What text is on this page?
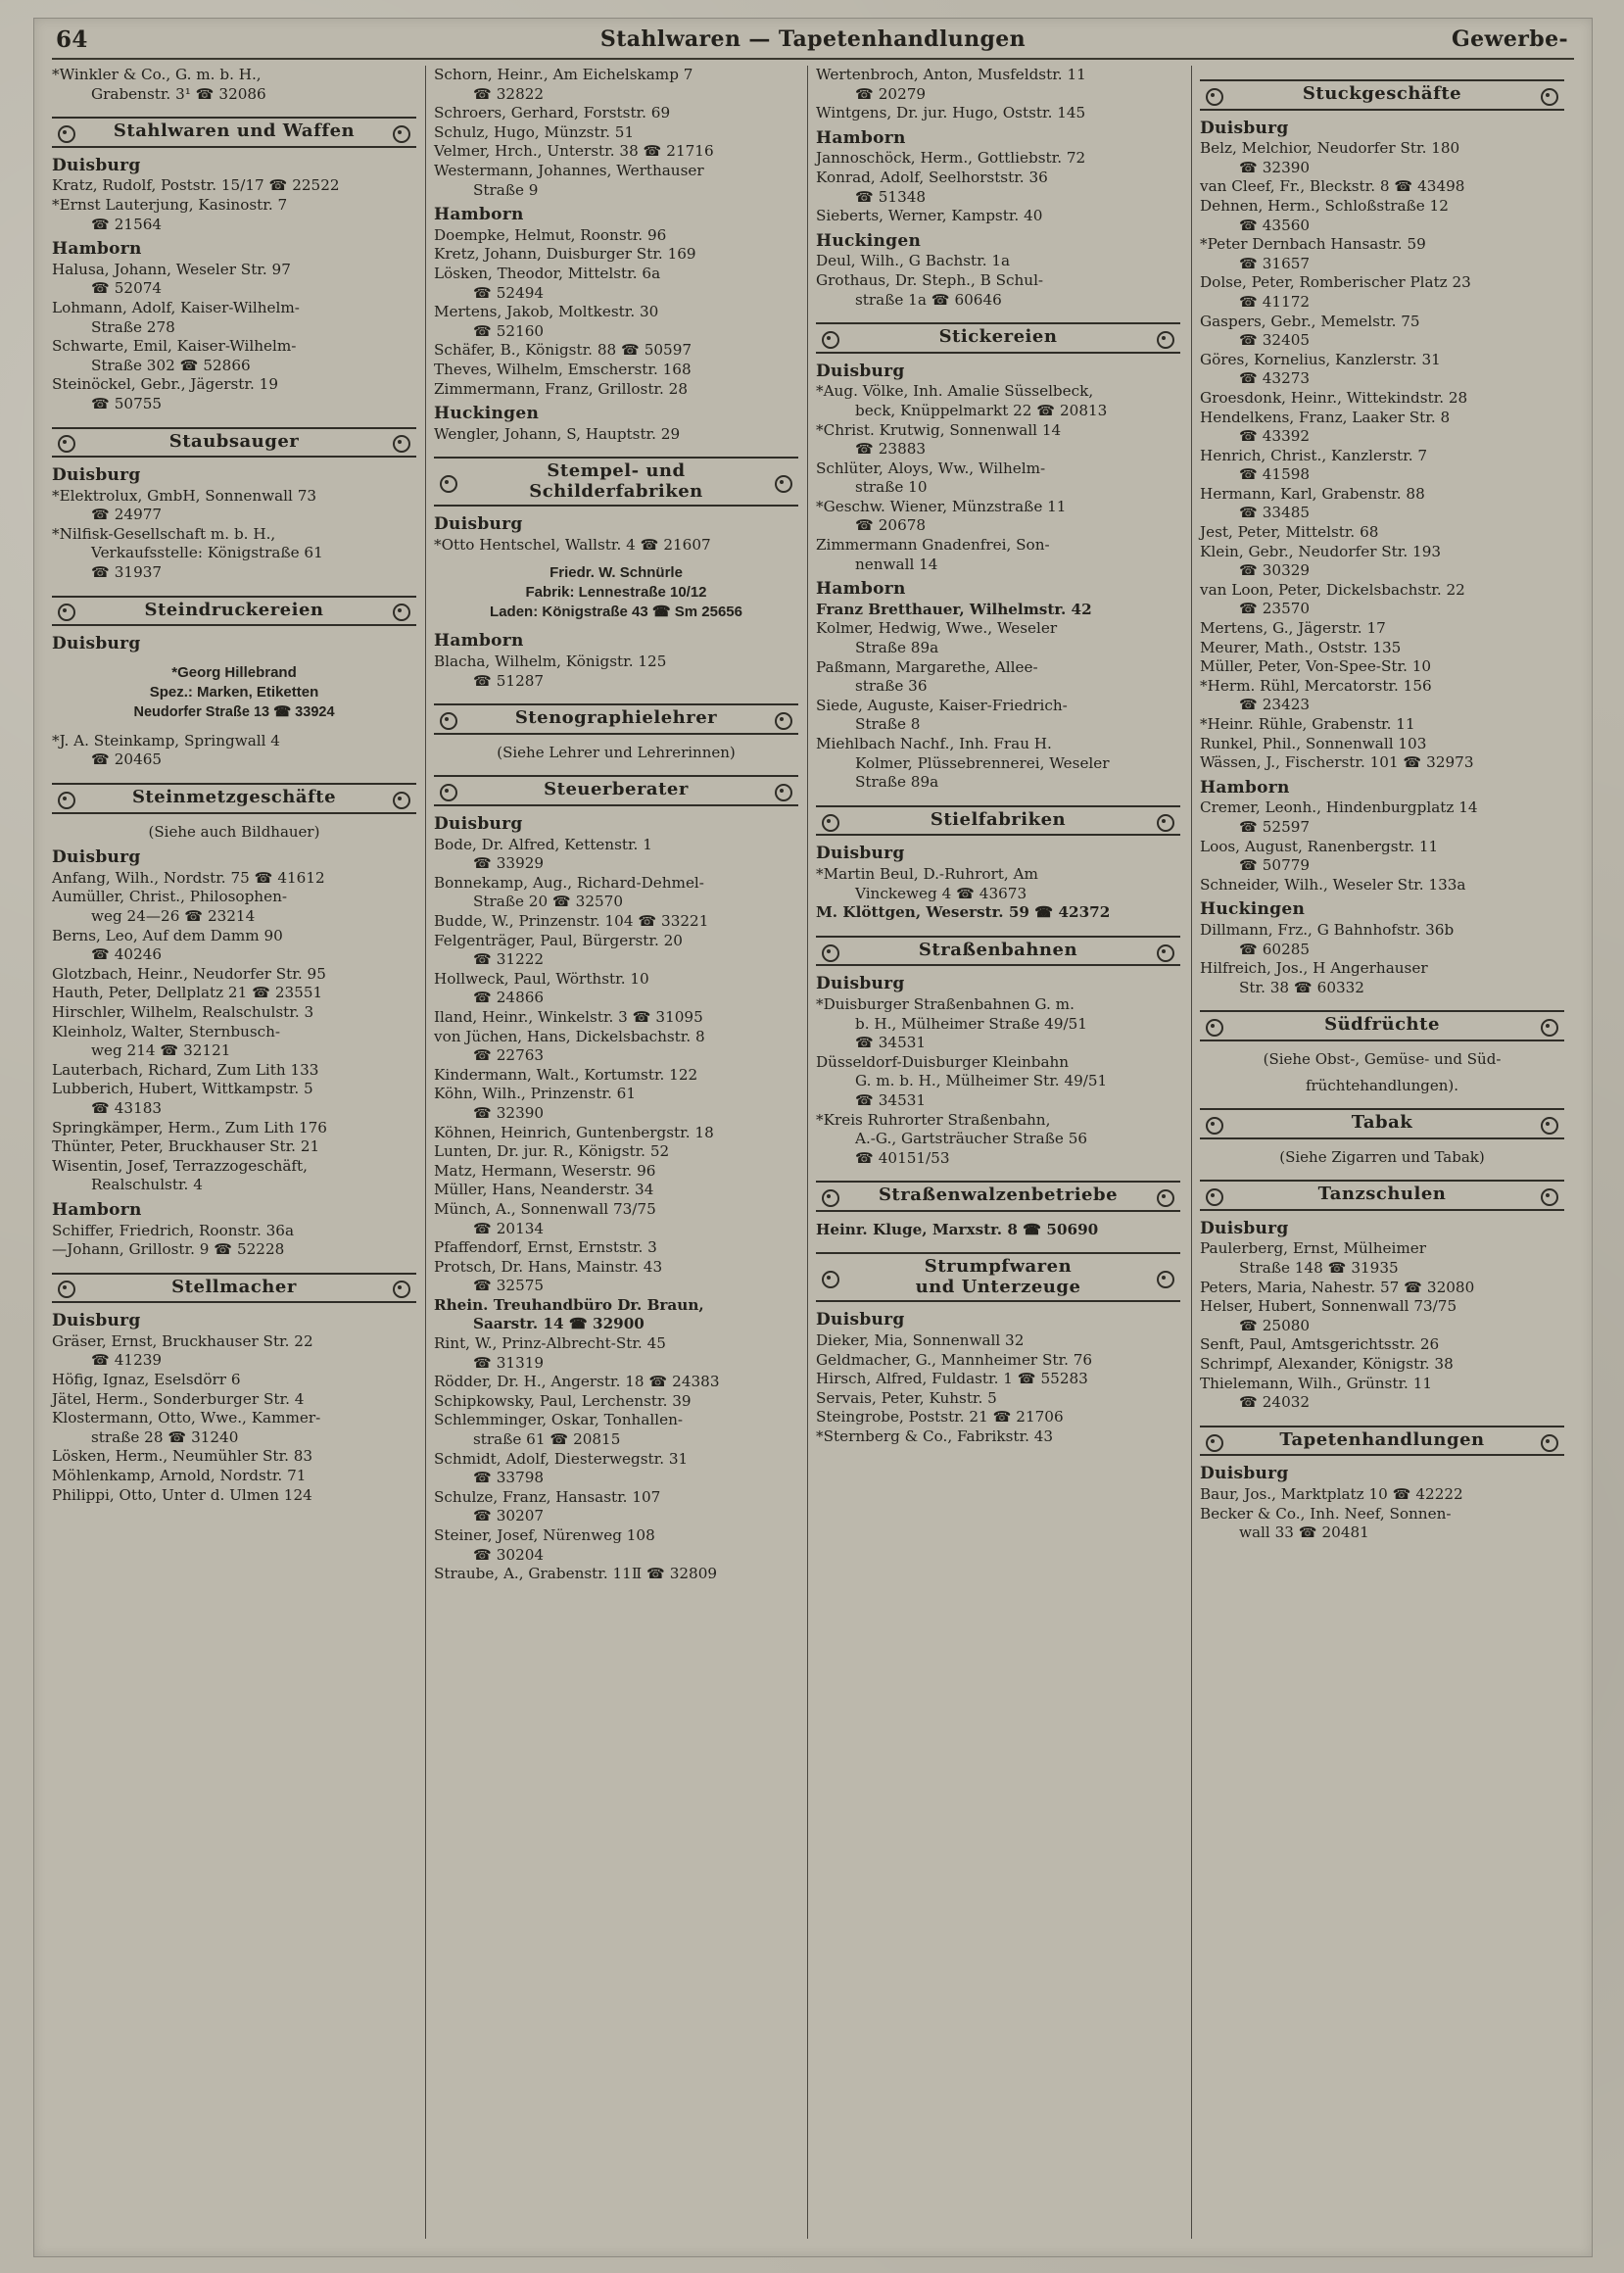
64	Stahlwaren — Tapetenhandlungen	Gewerbe-
*Winkler & Co., G. m. b. H.,
Grabenstr. 3¹ ☎ 32086
Stahlwaren und Waffen
Duisburg
Kratz, Rudolf, Poststr. 15/17 ☎ 22522
*Ernst Lauterjung, Kasinostr. 7
☎ 21564
Hamborn
Halusa, Johann, Weseler Str. 97
☎ 52074
Lohmann, Adolf, Kaiser-Wilhelm-
Straße 278
Schwarte, Emil, Kaiser-Wilhelm-
Straße 302 ☎ 52866
Steinöckel, Gebr., Jägerstr. 19
☎ 50755
Staubsauger
Duisburg
*Elektrolux, GmbH, Sonnenwall 73
☎ 24977
*Nilfisk-Gesellschaft m. b. H.,
Verkaufsstelle: Königstraße 61
☎ 31937
Steindruckereien
Duisburg
*Georg Hillebrand
Spez.: Marken, Etiketten
Neudorfer Straße 13 ☎ 33924
*J. A. Steinkamp, Springwall 4
☎ 20465
Steinmetzgeschäfte
(Siehe auch Bildhauer)
Duisburg
Anfang, Wilh., Nordstr. 75 ☎ 41612
Aumüller, Christ., Philosophen-
weg 24—26 ☎ 23214
Berns, Leo, Auf dem Damm 90
☎ 40246
Glotzbach, Heinr., Neudorfer Str. 95
Hauth, Peter, Dellplatz 21 ☎ 23551
Hirschler, Wilhelm, Realschulstr. 3
Kleinholz, Walter, Sternbusch-
weg 214 ☎ 32121
Lauterbach, Richard, Zum Lith 133
Lubberich, Hubert, Wittkampstr. 5
☎ 43183
Springkämper, Herm., Zum Lith 176
Thünter, Peter, Bruckhauser Str. 21
Wisentin, Josef, Terrazzogeschäft,
Realschulstr. 4
Hamborn
Schiffer, Friedrich, Roonstr. 36a
—Johann, Grillostr. 9 ☎ 52228
Stellmacher
Duisburg
Gräser, Ernst, Bruckhauser Str. 22
☎ 41239
Höfig, Ignaz, Eselsdörr 6
Jätel, Herm., Sonderburger Str. 4
Klostermann, Otto, Wwe., Kammer-
straße 28 ☎ 31240
Lösken, Herm., Neumühler Str. 83
Möhlenkamp, Arnold, Nordstr. 71
Philippi, Otto, Unter d. Ulmen 124
Schorn, Heinr., Am Eichelskamp 7
☎ 32822
Schroers, Gerhard, Forststr. 69
Schulz, Hugo, Münzstr. 51
Velmer, Hrch., Unterstr. 38 ☎ 21716
Westermann, Johannes, Werthauser
Straße 9
Hamborn
Doempke, Helmut, Roonstr. 96
Kretz, Johann, Duisburger Str. 169
Lösken, Theodor, Mittelstr. 6a
☎ 52494
Mertens, Jakob, Moltkestr. 30
☎ 52160
Schäfer, B., Königstr. 88 ☎ 50597
Theves, Wilhelm, Emscherstr. 168
Zimmermann, Franz, Grillostr. 28
Huckingen
Wengler, Johann, S, Hauptstr. 29
Stempel- und
Schilderfabriken
Duisburg
*Otto Hentschel, Wallstr. 4 ☎ 21607
Friedr. W. Schnürle
Fabrik: Lennestraße 10/12
Laden: Königstraße 43 ☎ Sm 25656
Hamborn
Blacha, Wilhelm, Königstr. 125
☎ 51287
Stenographielehrer
(Siehe Lehrer und Lehrerinnen)
Steuerberater
Duisburg
Bode, Dr. Alfred, Kettenstr. 1
☎ 33929
Bonnekamp, Aug., Richard-Dehmel-
Straße 20 ☎ 32570
Budde, W., Prinzenstr. 104 ☎ 33221
Felgenträger, Paul, Bürgerstr. 20
☎ 31222
Hollweck, Paul, Wörthstr. 10
☎ 24866
Iland, Heinr., Winkelstr. 3 ☎ 31095
von Jüchen, Hans, Dickelsbachstr. 8
☎ 22763
Kindermann, Walt., Kortumstr. 122
Köhn, Wilh., Prinzenstr. 61
☎ 32390
Köhnen, Heinrich, Guntenbergstr. 18
Lunten, Dr. jur. R., Königstr. 52
Matz, Hermann, Weserstr. 96
Müller, Hans, Neanderstr. 34
Münch, A., Sonnenwall 73/75
☎ 20134
Pfaffendorf, Ernst, Ernststr. 3
Protsch, Dr. Hans, Mainstr. 43
☎ 32575
Rhein. Treuhandbüro Dr. Braun,
Saarstr. 14 ☎ 32900
Rint, W., Prinz-Albrecht-Str. 45
☎ 31319
Rödder, Dr. H., Angerstr. 18 ☎ 24383
Schipkowsky, Paul, Lerchenstr. 39
Schlemminger, Oskar, Tonhallen-
straße 61 ☎ 20815
Schmidt, Adolf, Diesterwegstr. 31
☎ 33798
Schulze, Franz, Hansastr. 107
☎ 30207
Steiner, Josef, Nürenweg 108
☎ 30204
Straube, A., Grabenstr. 11Ⅱ ☎ 32809
Wertenbroch, Anton, Musfeldstr. 11
☎ 20279
Wintgens, Dr. jur. Hugo, Oststr. 145
Hamborn
Jannoschöck, Herm., Gottliebstr. 72
Konrad, Adolf, Seelhorststr. 36
☎ 51348
Sieberts, Werner, Kampstr. 40
Huckingen
Deul, Wilh., G Bachstr. 1a
Grothaus, Dr. Steph., B Schul-
straße 1a ☎ 60646
Stickereien
Duisburg
*Aug. Völke, Inh. Amalie Süsselbeck,
beck, Knüppelmarkt 22 ☎ 20813
*Christ. Krutwig, Sonnenwall 14
☎ 23883
Schlüter, Aloys, Ww., Wilhelm-
straße 10
*Geschw. Wiener, Münzstraße 11
☎ 20678
Zimmermann Gnadenfrei, Son-
nenwall 14
Hamborn
Franz Bretthauer, Wilhelmstr. 42
Kolmer, Hedwig, Wwe., Weseler
Straße 89a
Paßmann, Margarethe, Allee-
straße 36
Siede, Auguste, Kaiser-Friedrich-
Straße 8
Miehlbach Nachf., Inh. Frau H.
Kolmer, Plüssebrennerei, Weseler
Straße 89a
Stielfabriken
Duisburg
*Martin Beul, D.-Ruhrort, Am
Vinckeweg 4 ☎ 43673
M. Klöttgen, Weserstr. 59 ☎ 42372
Straßenbahnen
Duisburg
*Duisburger Straßenbahnen G. m.
b. H., Mülheimer Straße 49/51
☎ 34531
Düsseldorf-Duisburger Kleinbahn
G. m. b. H., Mülheimer Str. 49/51
☎ 34531
*Kreis Ruhrorter Straßenbahn,
A.-G., Gartsträucher Straße 56
☎ 40151/53
Straßenwalzenbetriebe
Heinr. Kluge, Marxstr. 8 ☎ 50690
Strumpfwaren
und Unterzeuge
Duisburg
Dieker, Mia, Sonnenwall 32
Geldmacher, G., Mannheimer Str. 76
Hirsch, Alfred, Fuldastr. 1 ☎ 55283
Servais, Peter, Kuhstr. 5
Steingrobe, Poststr. 21 ☎ 21706
*Sternberg & Co., Fabrikstr. 43
Stuckgeschäfte
Duisburg
Belz, Melchior, Neudorfer Str. 180
☎ 32390
van Cleef, Fr., Bleckstr. 8 ☎ 43498
Dehnen, Herm., Schloßstraße 12
☎ 43560
*Peter Dernbach Hansastr. 59
☎ 31657
Dolse, Peter, Romberischer Platz 23
☎ 41172
Gaspers, Gebr., Memelstr. 75
☎ 32405
Göres, Kornelius, Kanzlerstr. 31
☎ 43273
Groesdonk, Heinr., Wittekindstr. 28
Hendelkens, Franz, Laaker Str. 8
☎ 43392
Henrich, Christ., Kanzlerstr. 7
☎ 41598
Hermann, Karl, Grabenstr. 88
☎ 33485
Jest, Peter, Mittelstr. 68
Klein, Gebr., Neudorfer Str. 193
☎ 30329
van Loon, Peter, Dickelsbachstr. 22
☎ 23570
Mertens, G., Jägerstr. 17
Meurer, Math., Oststr. 135
Müller, Peter, Von-Spee-Str. 10
*Herm. Rühl, Mercatorstr. 156
☎ 23423
*Heinr. Rühle, Grabenstr. 11
Runkel, Phil., Sonnenwall 103
Wässen, J., Fischerstr. 101 ☎ 32973
Hamborn
Cremer, Leonh., Hindenburgplatz 14
☎ 52597
Loos, August, Ranenbergstr. 11
☎ 50779
Schneider, Wilh., Weseler Str. 133a
Huckingen
Dillmann, Frz., G Bahnhofstr. 36b
☎ 60285
Hilfreich, Jos., H Angerhauser
Str. 38 ☎ 60332
Südfrüchte
(Siehe Obst-, Gemüse- und Süd-
früchtehandlungen).
Tabak
(Siehe Zigarren und Tabak)
Tanzschulen
Duisburg
Paulerberg, Ernst, Mülheimer
Straße 148 ☎ 31935
Peters, Maria, Nahestr. 57 ☎ 32080
Helser, Hubert, Sonnenwall 73/75
☎ 25080
Senft, Paul, Amtsgerichtsstr. 26
Schrimpf, Alexander, Königstr. 38
Thielemann, Wilh., Grünstr. 11
☎ 24032
Tapetenhandlungen
Duisburg
Baur, Jos., Marktplatz 10 ☎ 42222
Becker & Co., Inh. Neef, Sonnen-
wall 33 ☎ 20481
